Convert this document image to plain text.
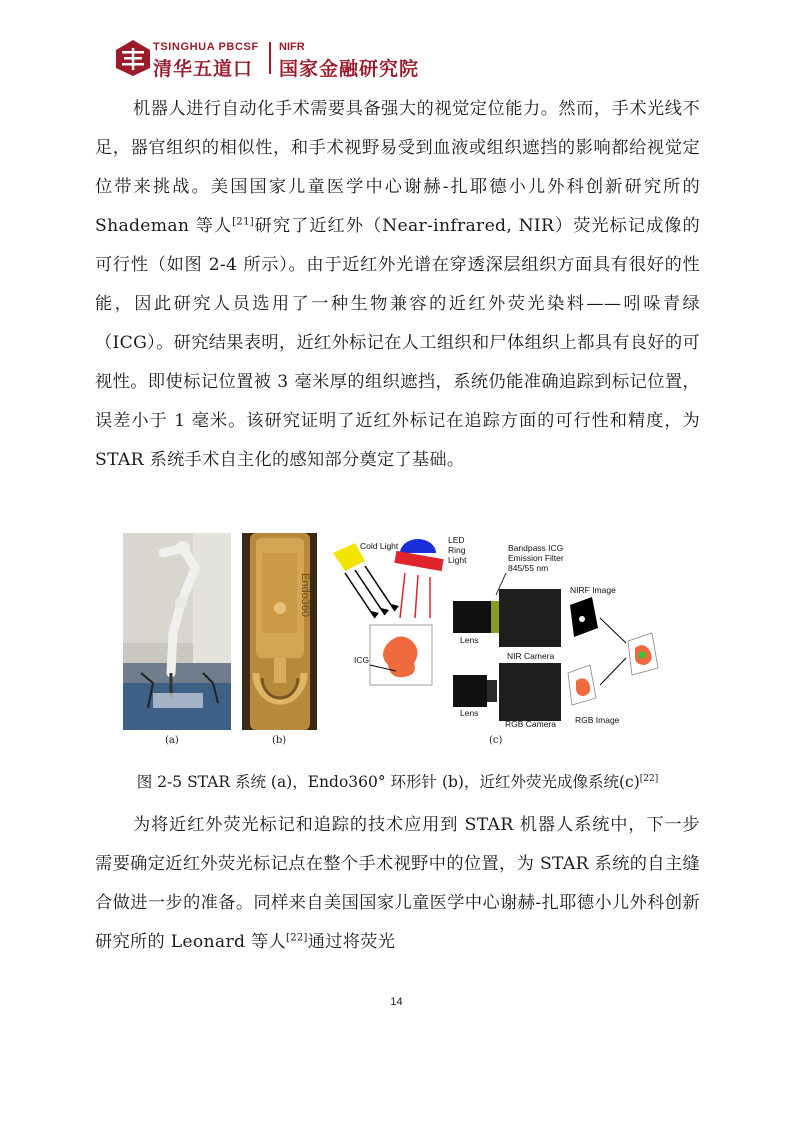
TSINGHUA PBCSF
清华五道口
NIFR
国家金融研究院

机器人进行自动化手术需要具备强大的视觉定位能力。然而，手术光线不足，器官组织的相似性，和手术视野易受到血液或组织遮挡的影响都给视觉定位带来挑战。美国国家儿童医学中心谢赫-扎耶德小儿外科创新研究所的 Shademan 等人[21]研究了近红外（Near-infrared, NIR）荧光标记成像的可行性（如图 2-4 所示）。由于近红外光谱在穿透深层组织方面具有很好的性能，因此研究人员选用了一种生物兼容的近红外荧光染料——吲哚青绿（ICG）。研究结果表明，近红外标记在人工组织和尸体组织上都具有良好的可视性。即使标记位置被 3 毫米厚的组织遮挡，系统仍能准确追踪到标记位置，误差小于 1 毫米。该研究证明了近红外标记在追踪方面的可行性和精度，为 STAR 系统手术自主化的感知部分奠定了基础。

Endo360
Cold Light
LED
Ring
Light
ICG
Bandpass ICG
Emission Filter
845/55 nm
Lens
NIR Camera
NIRF Image
Lens
RGB Camera RGB Image
(a)	(b)	(c)

图 2-5 STAR 系统 (a)，Endo360° 环形针 (b)，近红外荧光成像系统(c)[22]

为将近红外荧光标记和追踪的技术应用到 STAR 机器人系统中，下一步需要确定近红外荧光标记点在整个手术视野中的位置，为 STAR 系统的自主缝合做进一步的准备。同样来自美国国家儿童医学中心谢赫-扎耶德小儿外科创新研究所的 Leonard 等人[22]通过将荧光

14
